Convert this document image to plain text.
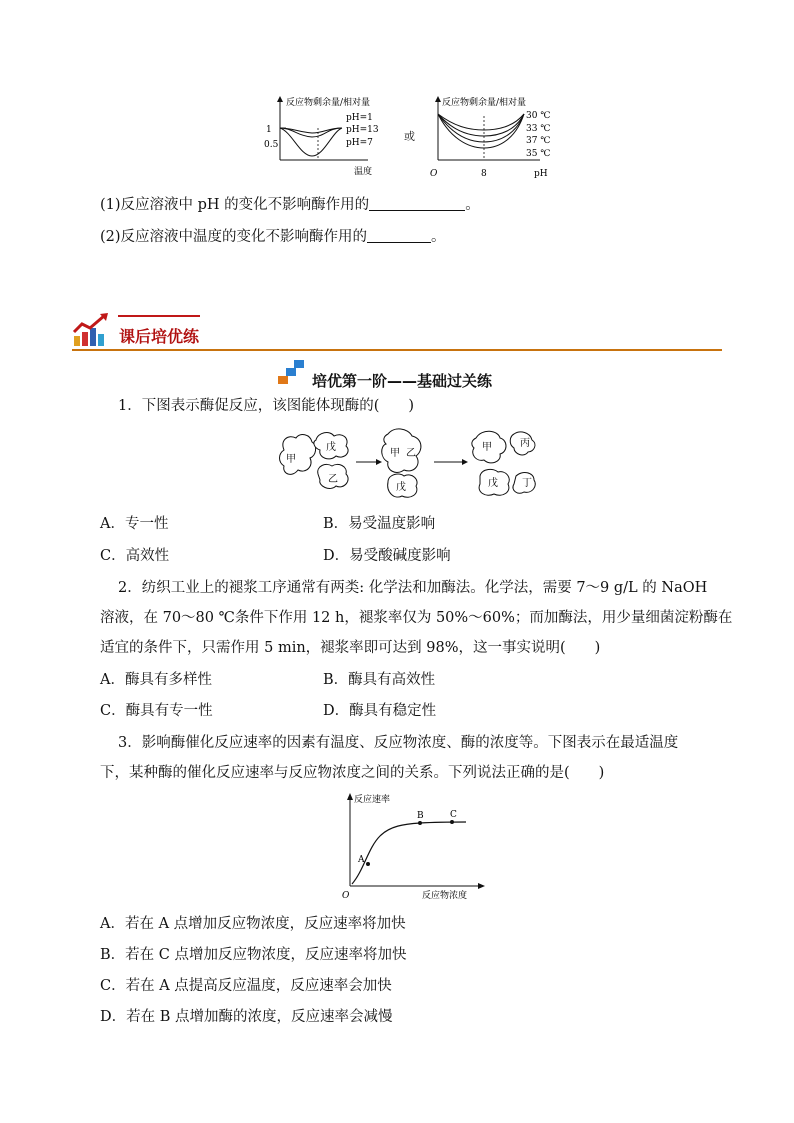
反应物剩余量/相对量
1
0.5
pH=1
pH=13
pH=7
温度
或
反应物剩余量/相对量
O	8	pH
30 ℃
33 ℃
37 ℃
35 ℃
(1)反应溶液中 pH 的变化不影响酶作用的	。
(2)反应溶液中温度的变化不影响酶作用的	。
课后培优练
培优第一阶——基础过关练
1．下图表示酶促反应，该图能体现酶的(　　)
甲
戊
乙
甲 乙
戊
甲	丙
戊 丁
A．专一性	B．易受温度影响
C．高效性	D．易受酸碱度影响
2．纺织工业上的褪浆工序通常有两类: 化学法和加酶法。化学法，需要 7～9 g/L 的 NaOH
溶液，在 70～80 ℃条件下作用 12 h，褪浆率仅为 50%～60%；而加酶法，用少量细菌淀粉酶在
适宜的条件下，只需作用 5 min，褪浆率即可达到 98%，这一事实说明(　　)
A．酶具有多样性	B．酶具有高效性
C．酶具有专一性	D．酶具有稳定性
3．影响酶催化反应速率的因素有温度、反应物浓度、酶的浓度等。下图表示在最适温度
下，某种酶的催化反应速率与反应物浓度之间的关系。下列说法正确的是(　　)
反应速率
A
B	C
O	反应物浓度
A．若在 A 点增加反应物浓度，反应速率将加快
B．若在 C 点增加反应物浓度，反应速率将加快
C．若在 A 点提高反应温度，反应速率会加快
D．若在 B 点增加酶的浓度，反应速率会减慢
